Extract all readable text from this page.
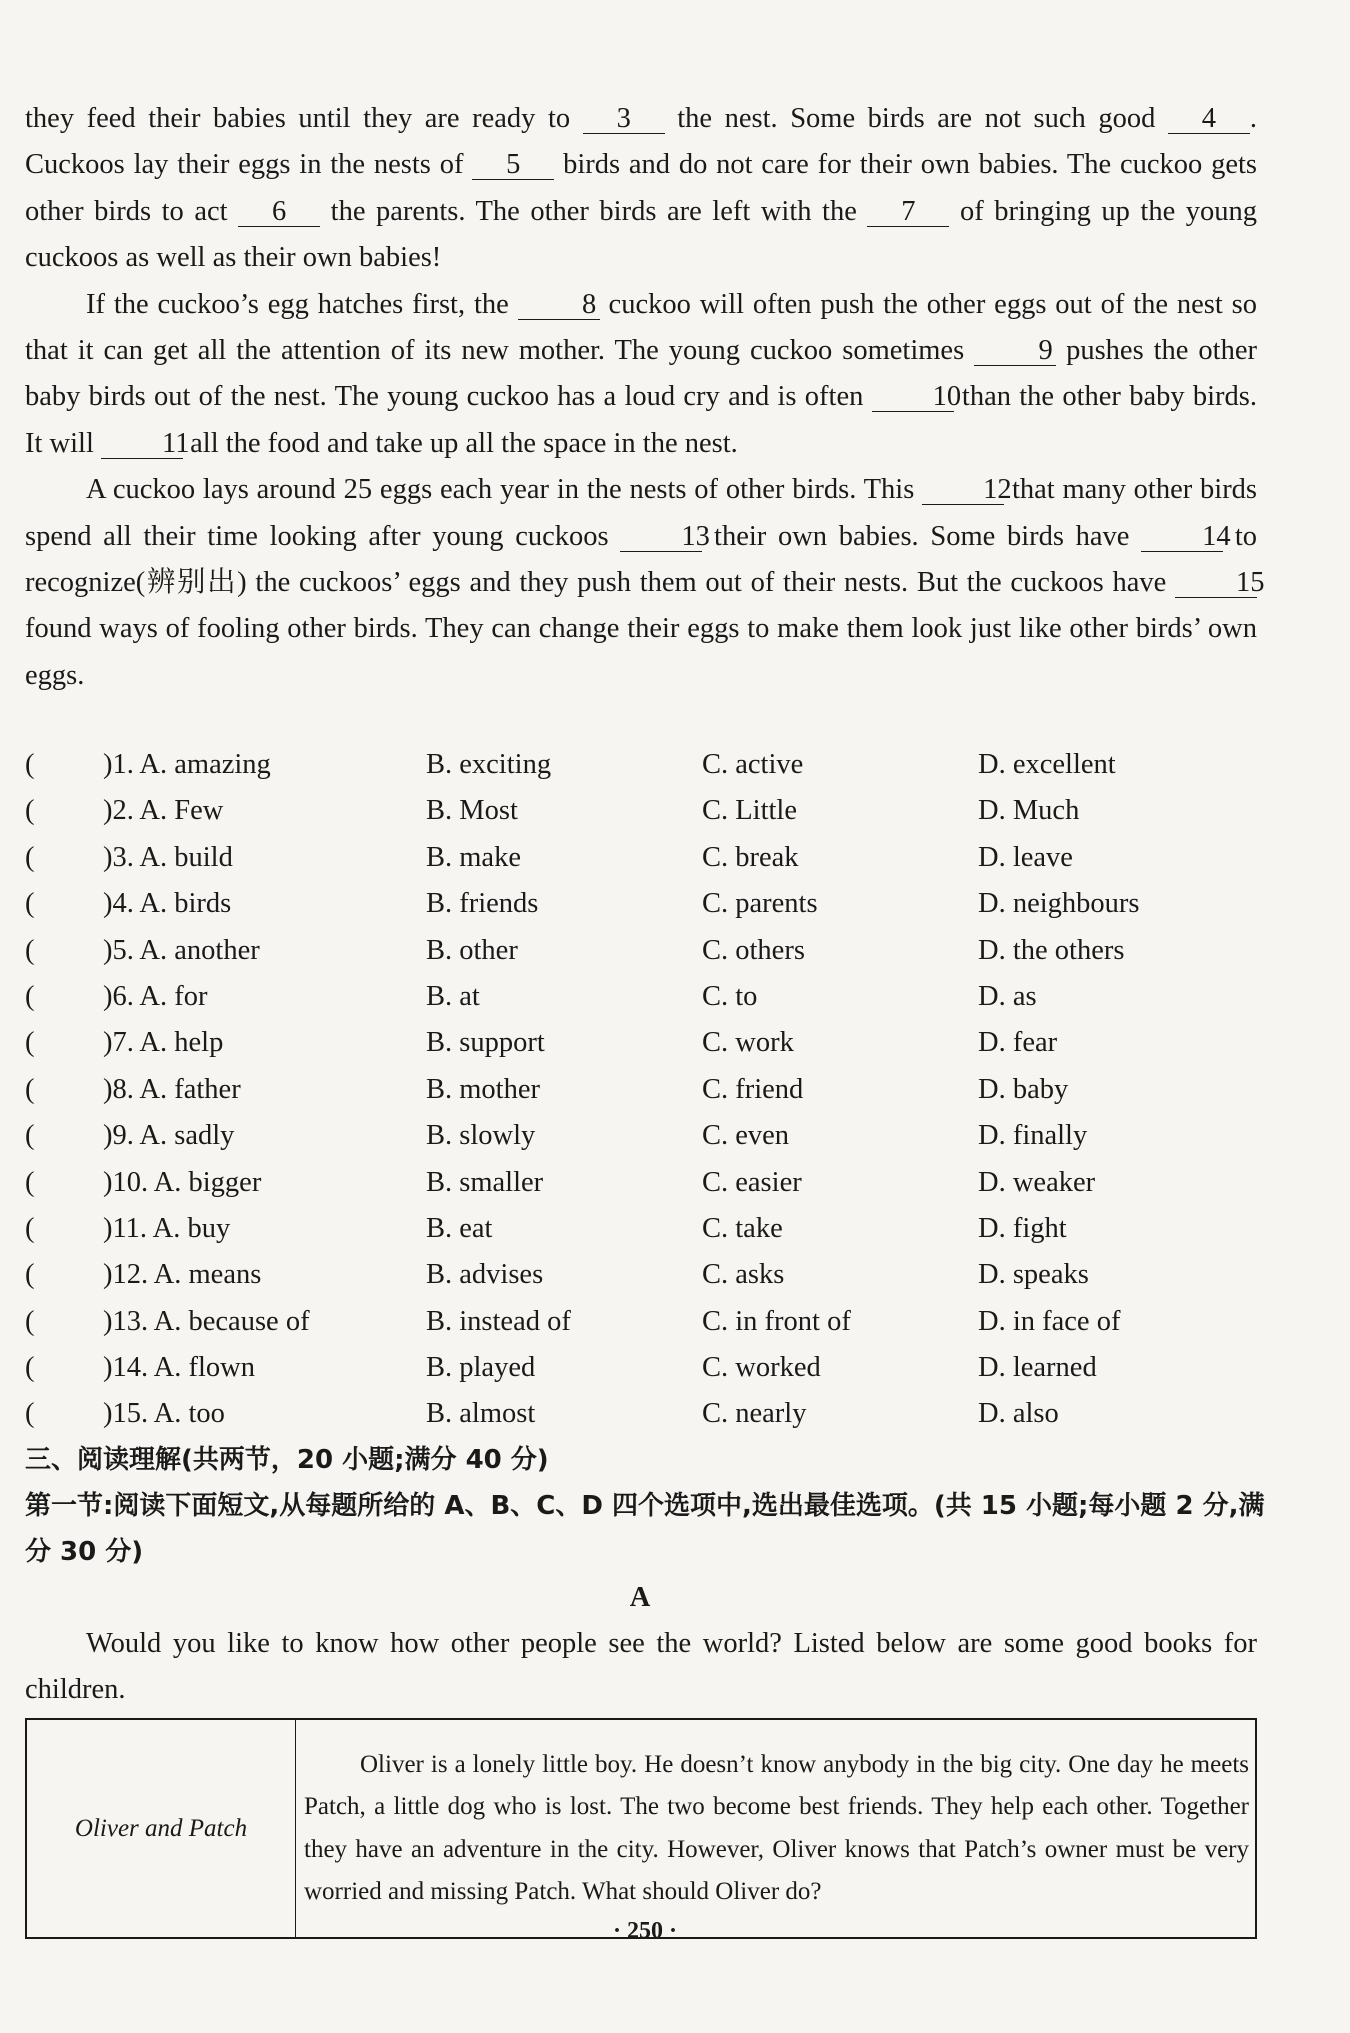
they feed their babies until they are ready to 3 the nest. Some birds are not such good 4 . Cuckoos lay their eggs in the nests of 5 birds and do not care for their own babies. The cuckoo gets other birds to act 6 the parents. The other birds are left with the 7 of bringing up the young cuckoos as well as their own babies!

If the cuckoo’s egg hatches first, the	8 cuckoo will often push the other eggs out of the nest so that it can get all the attention of its new mother. The young cuckoo sometimes	9 pushes the other baby birds out of the nest. The young cuckoo has a loud cry and is often 10 than the other baby birds. It will 11 all the food and take up all the space in the nest.

A cuckoo lays around 25 eggs each year in the nests of other birds. This 12 that many other birds spend all their time looking after young cuckoos	13 their own babies. Some birds have	14 to recognize(辨别出) the cuckoos’ eggs and they push them out of their nests. But the cuckoos have 15 found ways of fooling other birds. They can change their eggs to make them look just like other birds’ own eggs.

( )1. A. amazing	B. exciting	C. active	D. excellent
( )2. A. Few	B. Most	C. Little	D. Much
( )3. A. build	B. make	C. break	D. leave
( )4. A. birds	B. friends	C. parents	D. neighbours
( )5. A. another	B. other	C. others	D. the others
( )6. A. for	B. at	C. to	D. as
( )7. A. help	B. support	C. work	D. fear
( )8. A. father	B. mother	C. friend	D. baby
( )9. A. sadly	B. slowly	C. even	D. finally
( )10. A. bigger	B. smaller	C. easier	D. weaker
( )11. A. buy	B. eat	C. take	D. fight
( )12. A. means	B. advises	C. asks	D. speaks
( )13. A. because of	B. instead of	C. in front of	D. in face of
( )14. A. flown	B. played	C. worked	D. learned
( )15. A. too	B. almost	C. nearly	D. also
三、阅读理解(共两节，20 小题;满分 40 分)
第一节:阅读下面短文,从每题所给的 A、B、C、D 四个选项中,选出最佳选项。(共 15 小题;每小题 2 分,满分 30 分)
A

Would you like to know how other people see the world? Listed below are some good books for children.

Oliver and Patch	

Oliver is a lonely little boy. He doesn’t know anybody in the big city. One day he meets Patch, a little dog who is lost. The two become best friends. They help each other. Together they have an adventure in the city. However, Oliver knows that Patch’s owner must be very worried and missing Patch. What should Oliver do?

· 250 ·
